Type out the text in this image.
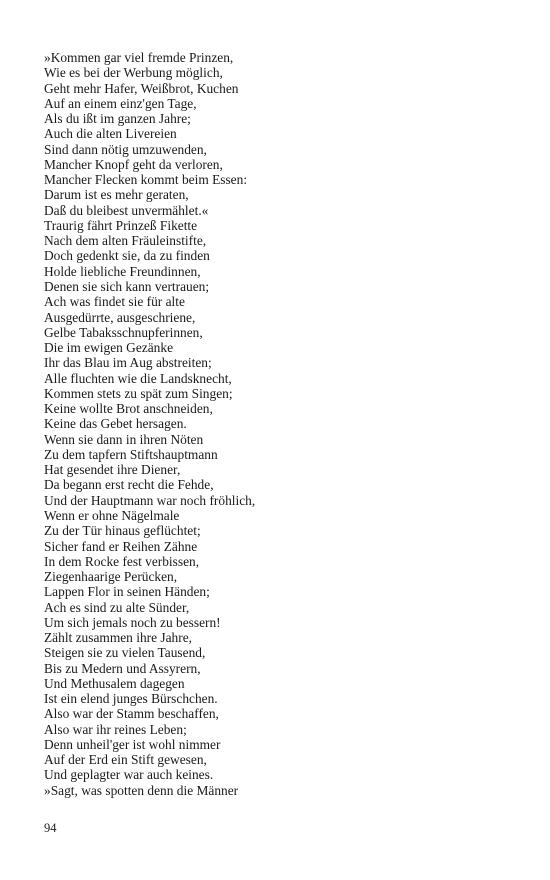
»Kommen gar viel fremde Prinzen,
Wie es bei der Werbung möglich,
Geht mehr Hafer, Weißbrot, Kuchen
Auf an einem einz'gen Tage,
Als du ißt im ganzen Jahre;
Auch die alten Livereien
Sind dann nötig umzuwenden,
Mancher Knopf geht da verloren,
Mancher Flecken kommt beim Essen:
Darum ist es mehr geraten,
Daß du bleibest unvermählet.«
Traurig fährt Prinzeß Fikette
Nach dem alten Fräuleinstifte,
Doch gedenkt sie, da zu finden
Holde liebliche Freundinnen,
Denen sie sich kann vertrauen;
Ach was findet sie für alte
Ausgedürrte, ausgeschriene,
Gelbe Tabaksschnupferinnen,
Die im ewigen Gezänke
Ihr das Blau im Aug abstreiten;
Alle fluchten wie die Landsknecht,
Kommen stets zu spät zum Singen;
Keine wollte Brot anschneiden,
Keine das Gebet hersagen.
Wenn sie dann in ihren Nöten
Zu dem tapfern Stiftshauptmann
Hat gesendet ihre Diener,
Da begann erst recht die Fehde,
Und der Hauptmann war noch fröhlich,
Wenn er ohne Nägelmale
Zu der Tür hinaus geflüchtet;
Sicher fand er Reihen Zähne
In dem Rocke fest verbissen,
Ziegenhaarige Perücken,
Lappen Flor in seinen Händen;
Ach es sind zu alte Sünder,
Um sich jemals noch zu bessern!
Zählt zusammen ihre Jahre,
Steigen sie zu vielen Tausend,
Bis zu Medern und Assyrern,
Und Methusalem dagegen
Ist ein elend junges Bürschchen.
Also war der Stamm beschaffen,
Also war ihr reines Leben;
Denn unheil'ger ist wohl nimmer
Auf der Erd ein Stift gewesen,
Und geplagter war auch keines.
»Sagt, was spotten denn die Männer
94
